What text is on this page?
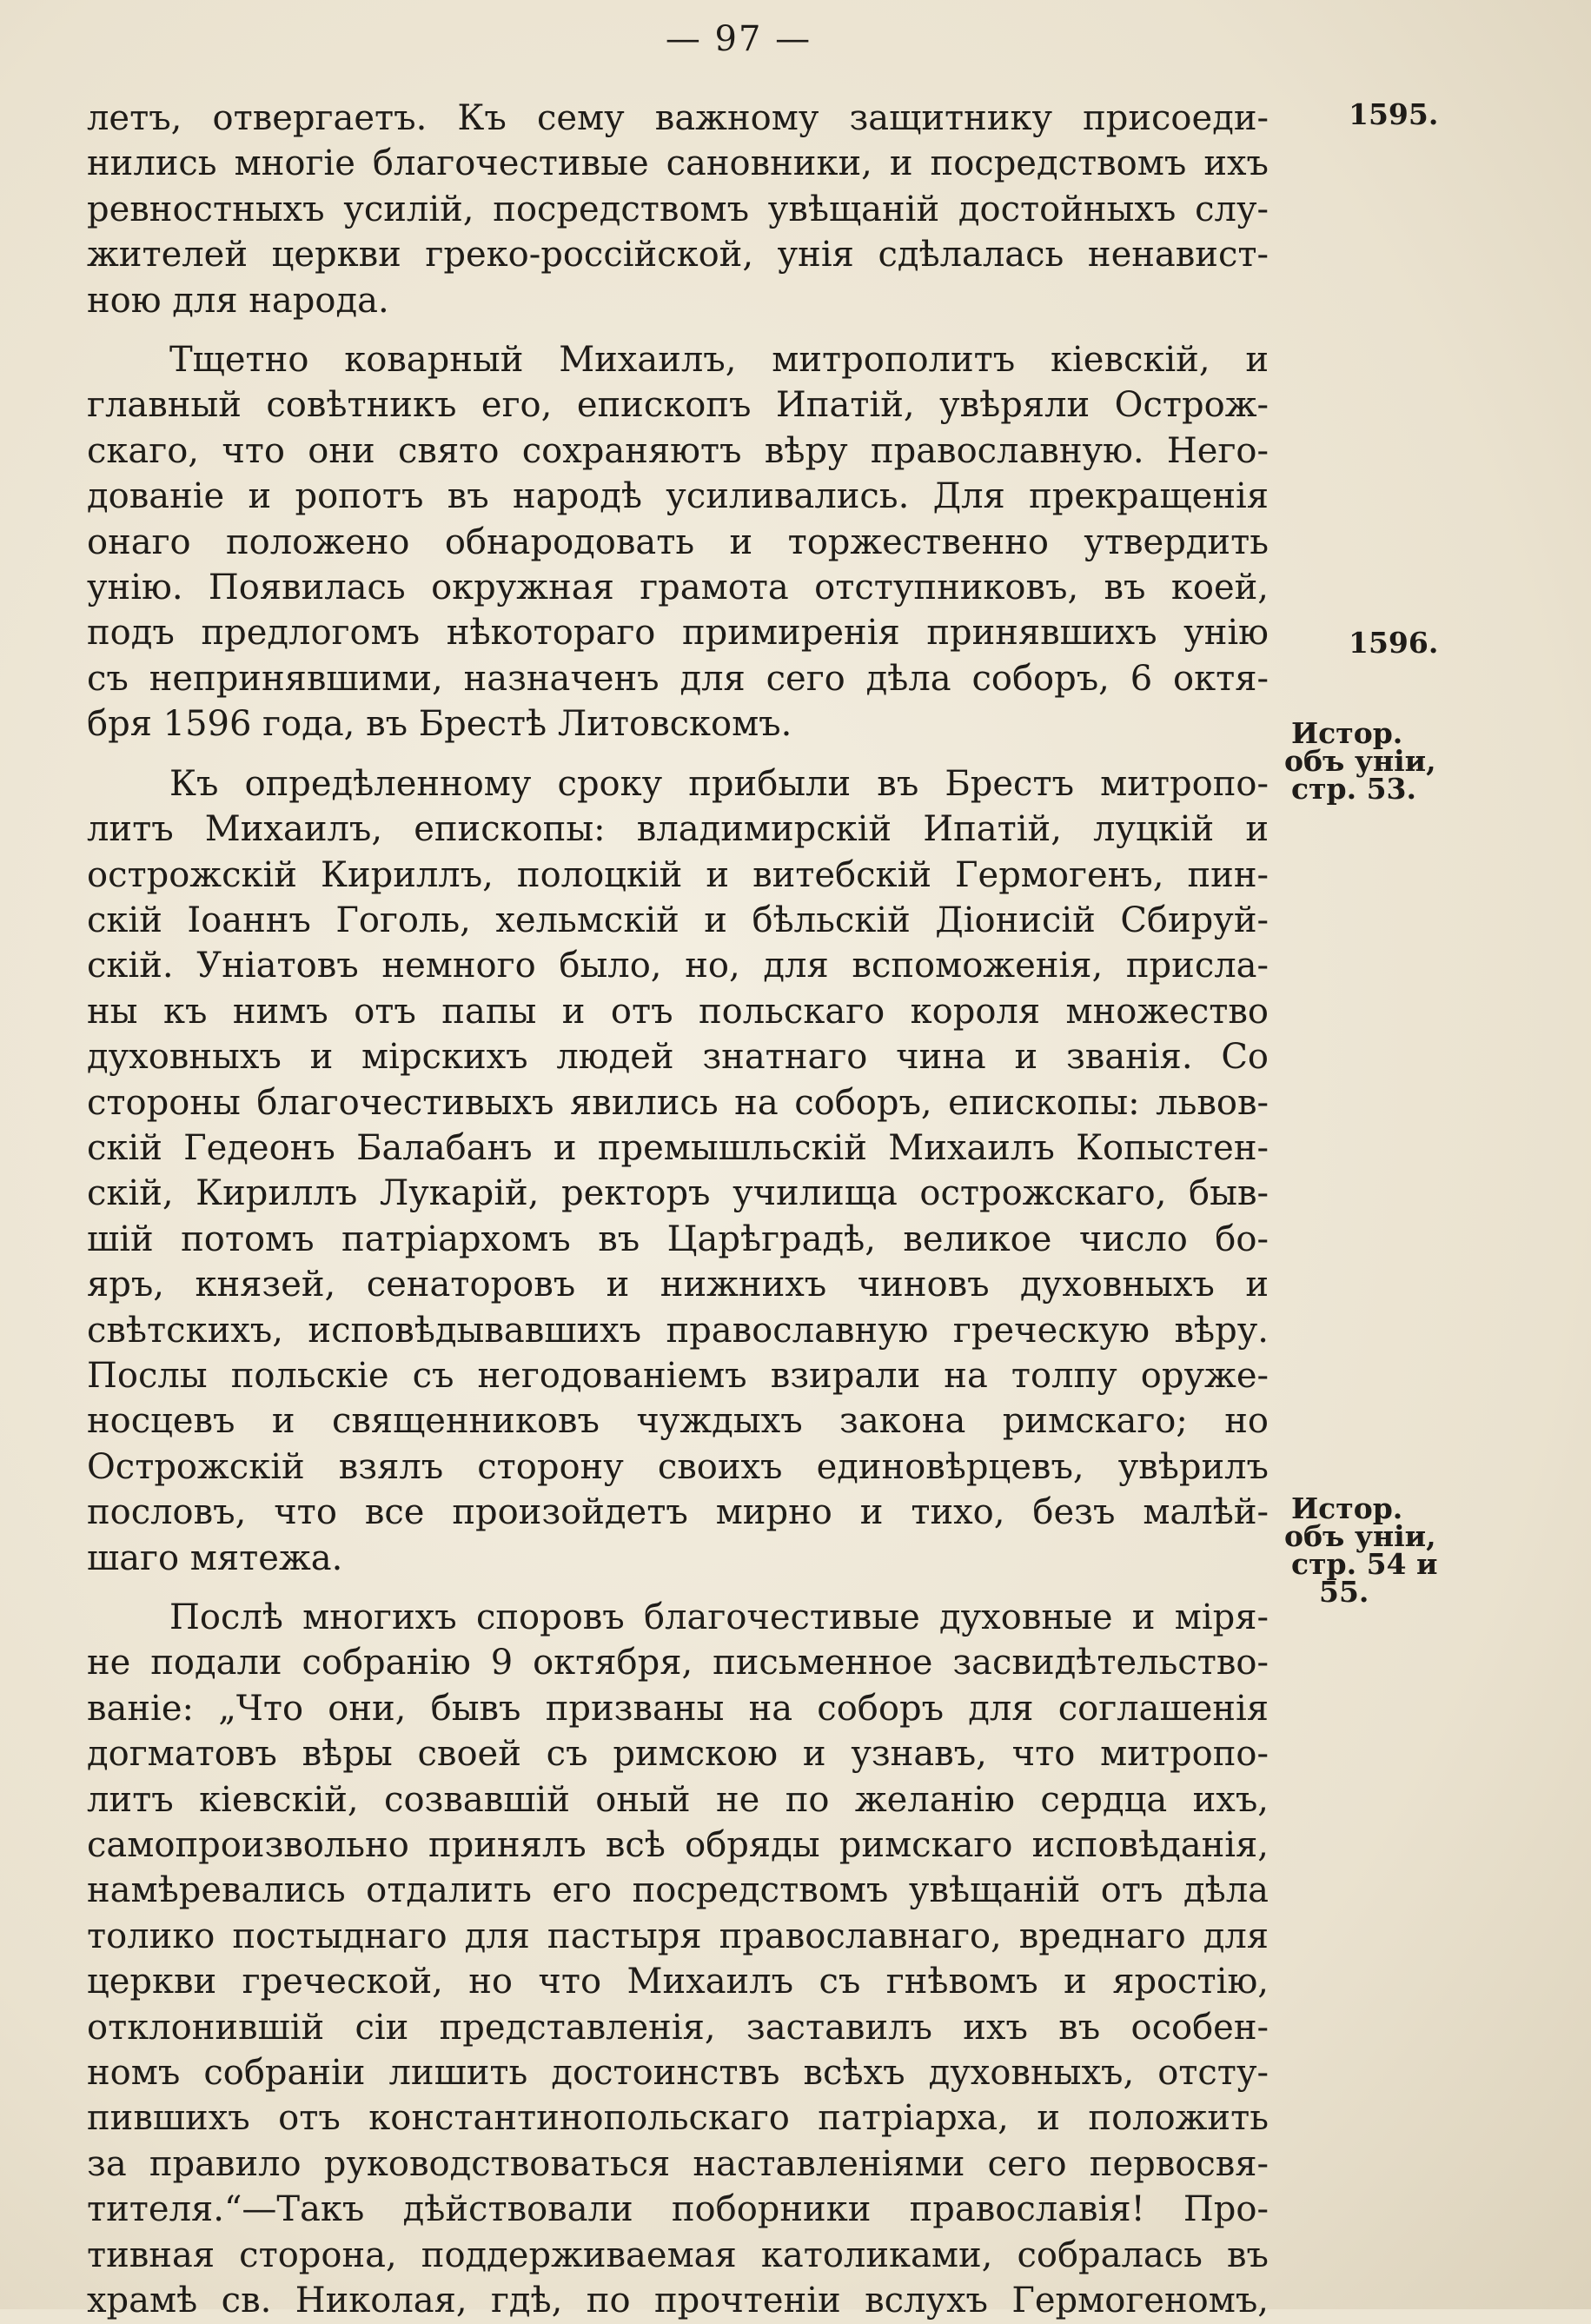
— 97 —

летъ, отвергаетъ. Къ сему важному защитнику присоеди-

нились многіе благочестивые сановники, и посредствомъ ихъ

ревностныхъ усилій, посредствомъ увѣщаній достойныхъ слу-

жителей церкви греко-россійской, унія сдѣлалась ненавист-

ною для народа.

Тщетно коварный Михаилъ, митрополитъ кіевскій, и

главный совѣтникъ его, епископъ Ипатій, увѣряли Острож-

скаго, что они свято сохраняютъ вѣру православную. Него-

дованіе и ропотъ въ народѣ усиливались. Для прекращенія

онаго положено обнародовать и торжественно утвердить

унію. Появилась окружная грамота отступниковъ, въ коей,

подъ предлогомъ нѣкотораго примиренія принявшихъ унію

съ непринявшими, назначенъ для сего дѣла соборъ, 6 октя-

бря 1596 года, въ Брестѣ Литовскомъ.

Къ опредѣленному сроку прибыли въ Брестъ митропо-

литъ Михаилъ, епископы: владимирскій Ипатій, луцкій и

острожскій Кириллъ, полоцкій и витебскій Гермогенъ, пин-

скій Іоаннъ Гоголь, хельмскій и бѣльскій Діонисій Сбируй-

скій. Уніатовъ немного было, но, для вспоможенія, присла-

ны къ нимъ отъ папы и отъ польскаго короля множество

духовныхъ и мірскихъ людей знатнаго чина и званія. Со

стороны благочестивыхъ явились на соборъ, епископы: львов-

скій Гедеонъ Балабанъ и премышльскій Михаилъ Копыстен-

скій, Кириллъ Лукарій, ректоръ училища острожскаго, быв-

шій потомъ патріархомъ въ Царѣградѣ, великое число бо-

яръ, князей, сенаторовъ и нижнихъ чиновъ духовныхъ и

свѣтскихъ, исповѣдывавшихъ православную греческую вѣру.

Послы польскіе съ негодованіемъ взирали на толпу оруже-

носцевъ и священниковъ чуждыхъ закона римскаго; но

Острожскій взялъ сторону своихъ единовѣрцевъ, увѣрилъ

пословъ, что все произойдетъ мирно и тихо, безъ малѣй-

шаго мятежа.

Послѣ многихъ споровъ благочестивые духовные и міря-

не подали собранію 9 октября, письменное засвидѣтельство-

ваніе: „Что они, бывъ призваны на соборъ для соглашенія

догматовъ вѣры своей съ римскою и узнавъ, что митропо-

литъ кіевскій, созвавшій оный не по желанію сердца ихъ,

самопроизвольно принялъ всѣ обряды римскаго исповѣданія,

намѣревались отдалить его посредствомъ увѣщаній отъ дѣла

толико постыднаго для пастыря православнаго, вреднаго для

церкви греческой, но что Михаилъ съ гнѣвомъ и яростію,

отклонившій сіи представленія, заставилъ ихъ въ особен-

номъ собраніи лишить достоинствъ всѣхъ духовныхъ, отсту-

пившихъ отъ константинопольскаго патріарха, и положить

за правило руководствоваться наставленіями сего первосвя-

тителя.“—Такъ дѣйствовали поборники православія! Про-

тивная сторона, поддерживаемая католиками, собралась въ

храмѣ св. Николая, гдѣ, по прочтеніи вслухъ Гермогеномъ,

1595.
1596.
Истор.
объ уніи,
стр. 53.
Истор.
объ уніи,
стр. 54 и
55.
